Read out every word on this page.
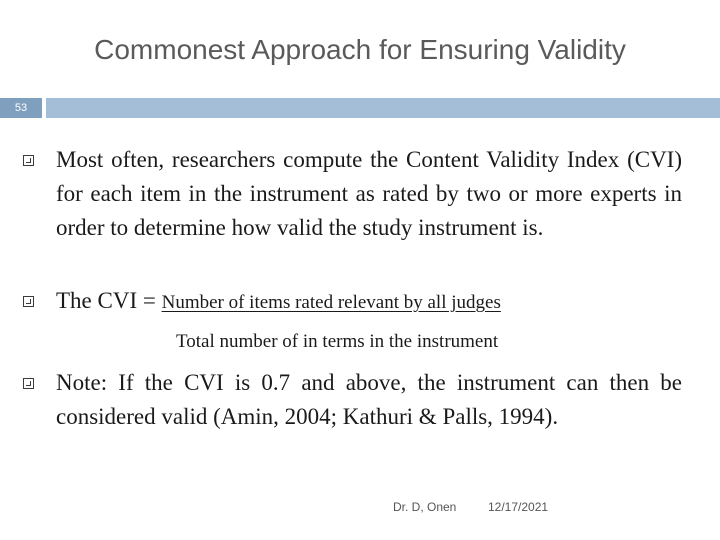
Commonest Approach for Ensuring Validity
53
Most often, researchers compute the Content Validity Index (CVI) for each item in the instrument as rated by two or more experts in order to determine how valid the study instrument is.
The CVI = Number of items rated relevant by all judges
Total number of in terms in the instrument
Note: If the CVI is 0.7 and above, the instrument can then be considered valid (Amin, 2004; Kathuri & Palls, 1994).
Dr. D, Onen	12/17/2021
